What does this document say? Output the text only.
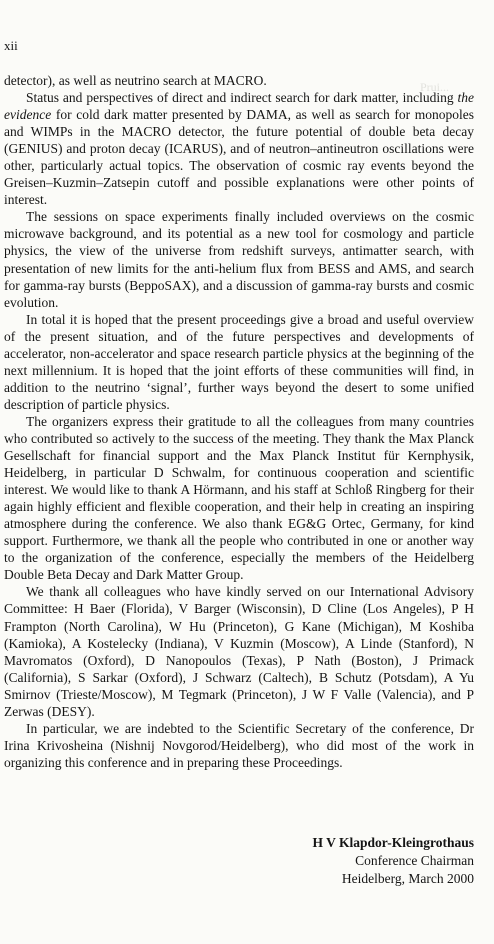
xii
Prui...

detector), as well as neutrino search at MACRO.

Status and perspectives of direct and indirect search for dark matter, including the evidence for cold dark matter presented by DAMA, as well as search for monopoles and WIMPs in the MACRO detector, the future potential of double beta decay (GENIUS) and proton decay (ICARUS), and of neutron–antineutron oscillations were other, particularly actual topics. The observation of cosmic ray events beyond the Greisen–Kuzmin–Zatsepin cutoff and possible explanations were other points of interest.

The sessions on space experiments finally included overviews on the cosmic microwave background, and its potential as a new tool for cosmology and particle physics, the view of the universe from redshift surveys, antimatter search, with presentation of new limits for the anti-helium flux from BESS and AMS, and search for gamma-ray bursts (BeppoSAX), and a discussion of gamma-ray bursts and cosmic evolution.

In total it is hoped that the present proceedings give a broad and useful overview of the present situation, and of the future perspectives and developments of accelerator, non-accelerator and space research particle physics at the beginning of the next millennium. It is hoped that the joint efforts of these communities will find, in addition to the neutrino ‘signal’, further ways beyond the desert to some unified description of particle physics.

The organizers express their gratitude to all the colleagues from many countries who contributed so actively to the success of the meeting. They thank the Max Planck Gesellschaft for financial support and the Max Planck Institut für Kernphysik, Heidelberg, in particular D Schwalm, for continuous cooperation and scientific interest. We would like to thank A Hörmann, and his staff at Schloß Ringberg for their again highly efficient and flexible cooperation, and their help in creating an inspiring atmosphere during the conference. We also thank EG&G Ortec, Germany, for kind support. Furthermore, we thank all the people who contributed in one or another way to the organization of the conference, especially the members of the Heidelberg Double Beta Decay and Dark Matter Group.

We thank all colleagues who have kindly served on our International Advisory Committee: H Baer (Florida), V Barger (Wisconsin), D Cline (Los Angeles), P H Frampton (North Carolina), W Hu (Princeton), G Kane (Michigan), M Koshiba (Kamioka), A Kostelecky (Indiana), V Kuzmin (Moscow), A Linde (Stanford), N Mavromatos (Oxford), D Nanopoulos (Texas), P Nath (Boston), J Primack (California), S Sarkar (Oxford), J Schwarz (Caltech), B Schutz (Potsdam), A Yu Smirnov (Trieste/Moscow), M Tegmark (Princeton), J W F Valle (Valencia), and P Zerwas (DESY).

In particular, we are indebted to the Scientific Secretary of the conference, Dr Irina Krivosheina (Nishnij Novgorod/Heidelberg), who did most of the work in organizing this conference and in preparing these Proceedings.

H V Klapdor-Kleingrothaus
Conference Chairman
Heidelberg, March 2000
